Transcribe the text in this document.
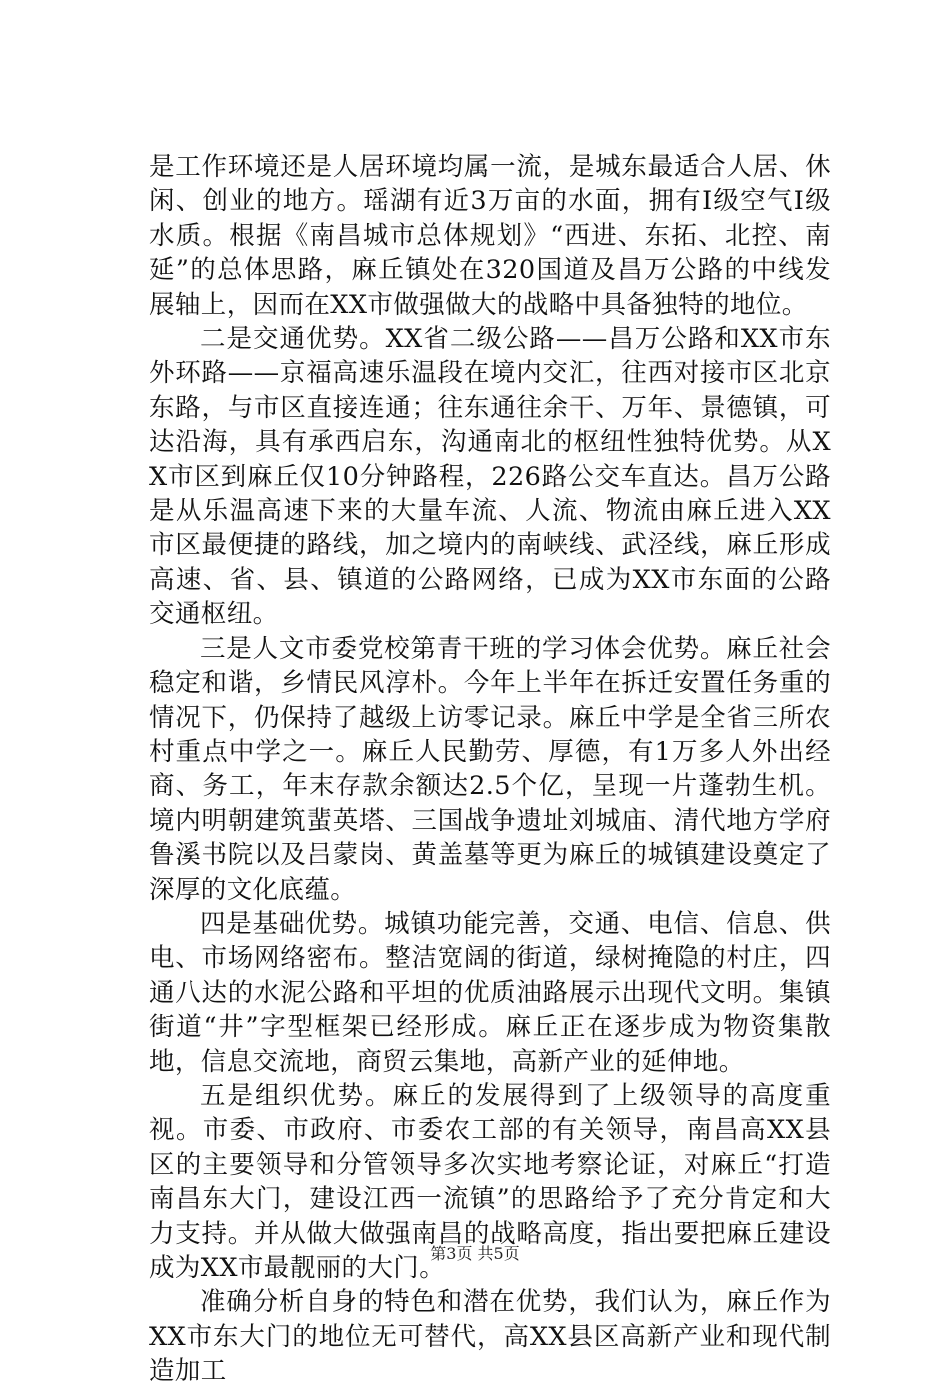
是工作环境还是人居环境均属一流，是城东最适合人居、休闲、创业的地方。瑶湖有近3万亩的水面，拥有Ⅰ级空气Ⅰ级水质。根据《南昌城市总体规划》“西进、东拓、北控、南延”的总体思路，麻丘镇处在320国道及昌万公路的中线发展轴上，因而在XX市做强做大的战略中具备独特的地位。

二是交通优势。XX省二级公路——昌万公路和XX市东外环路——京福高速乐温段在境内交汇，往西对接市区北京东路，与市区直接连通；往东通往余干、万年、景德镇，可达沿海，具有承西启东，沟通南北的枢纽性独特优势。从XX市区到麻丘仅10分钟路程，226路公交车直达。昌万公路是从乐温高速下来的大量车流、人流、物流由麻丘进入XX市区最便捷的路线，加之境内的南峡线、武泾线，麻丘形成高速、省、县、镇道的公路网络，已成为XX市东面的公路交通枢纽。

三是人文市委党校第青干班的学习体会优势。麻丘社会稳定和谐，乡情民风淳朴。今年上半年在拆迁安置任务重的情况下，仍保持了越级上访零记录。麻丘中学是全省三所农村重点中学之一。麻丘人民勤劳、厚德，有1万多人外出经商、务工，年末存款余额达2.5个亿，呈现一片蓬勃生机。境内明朝建筑蜚英塔、三国战争遗址刘城庙、清代地方学府鲁溪书院以及吕蒙岗、黄盖墓等更为麻丘的城镇建设奠定了深厚的文化底蕴。

四是基础优势。城镇功能完善，交通、电信、信息、供电、市场网络密布。整洁宽阔的街道，绿树掩隐的村庄，四通八达的水泥公路和平坦的优质油路展示出现代文明。集镇街道“井”字型框架已经形成。麻丘正在逐步成为物资集散地，信息交流地，商贸云集地，高新产业的延伸地。

五是组织优势。麻丘的发展得到了上级领导的高度重视。市委、市政府、市委农工部的有关领导，南昌高XX县区的主要领导和分管领导多次实地考察论证，对麻丘“打造南昌东大门，建设江西一流镇”的思路给予了充分肯定和大力支持。并从做大做强南昌的战略高度，指出要把麻丘建设成为XX市最靓丽的大门。

准确分析自身的特色和潜在优势，我们认为，麻丘作为XX市东大门的地位无可替代，高XX县区高新产业和现代制造加工

第3页 共5页
